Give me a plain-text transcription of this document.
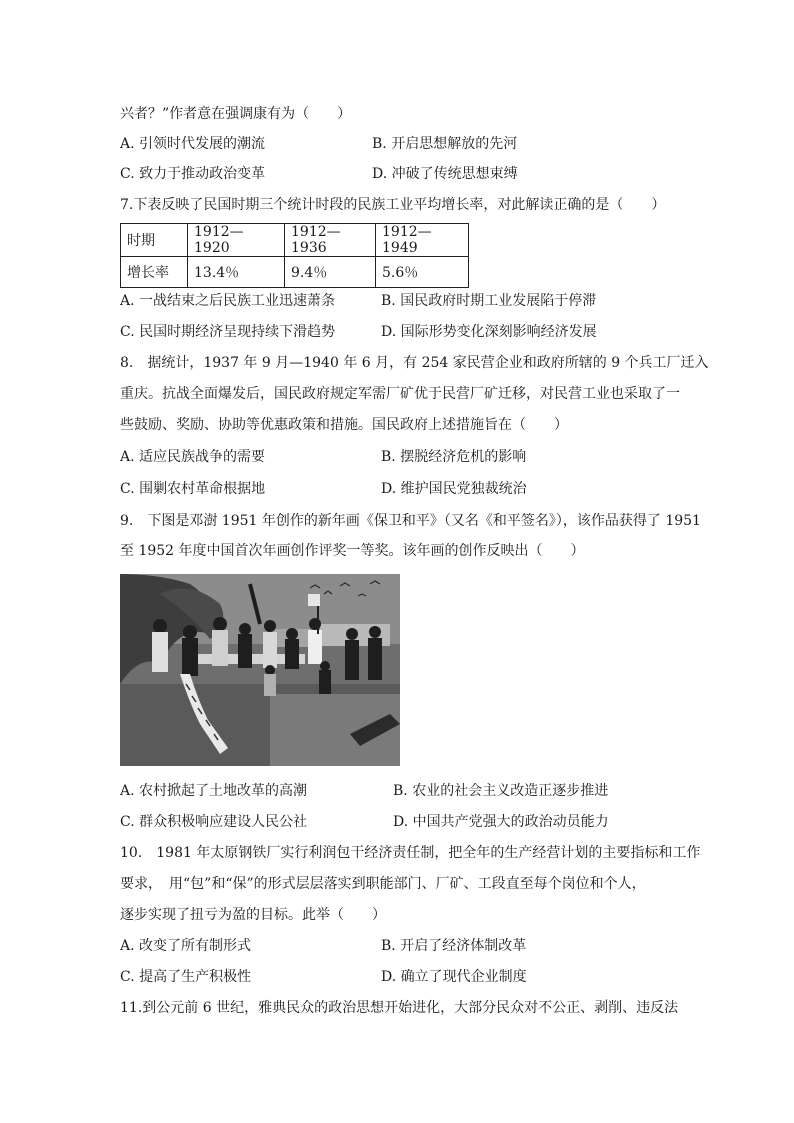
兴者？”作者意在强调康有为（　　）
A. 引领时代发展的潮流	B. 开启思想解放的先河
C. 致力于推动政治变革	D. 冲破了传统思想束缚
7.下表反映了民国时期三个统计时段的民族工业平均增长率，对此解读正确的是（　　）
时期	1912—1920	1912—1936	1912—1949
增长率	13.4％	9.4％	5.6％
A. 一战结束之后民族工业迅速萧条	B. 国民政府时期工业发展陷于停滞
C. 民国时期经济呈现持续下滑趋势	D. 国际形势变化深刻影响经济发展
8.　据统计，1937 年 9 月—1940 年 6 月，有 254 家民营企业和政府所辖的 9 个兵工厂迁入
重庆。抗战全面爆发后，国民政府规定军需厂矿优于民营厂矿迁移，对民营工业也采取了一
些鼓励、奖励、协助等优惠政策和措施。国民政府上述措施旨在（　　）
A. 适应民族战争的需要	B. 摆脱经济危机的影响
C. 围剿农村革命根据地	D. 维护国民党独裁统治
9.　下图是邓澍 1951 年创作的新年画《保卫和平》（又名《和平签名》），该作品获得了 1951
至 1952 年度中国首次年画创作评奖一等奖。该年画的创作反映出（　　）
A. 农村掀起了土地改革的高潮	B. 农业的社会主义改造正逐步推进
C. 群众积极响应建设人民公社	D. 中国共产党强大的政治动员能力
10.　1981 年太原钢铁厂实行利润包干经济责任制，把全年的生产经营计划的主要指标和工作
要求，　用“包”和“保”的形式层层落实到职能部门、厂矿、工段直至每个岗位和个人，
逐步实现了扭亏为盈的目标。此举（　　）
A. 改变了所有制形式	B. 开启了经济体制改革
C. 提高了生产积极性	D. 确立了现代企业制度
11.到公元前 6 世纪，雅典民众的政治思想开始进化，大部分民众对不公正、剥削、违反法
